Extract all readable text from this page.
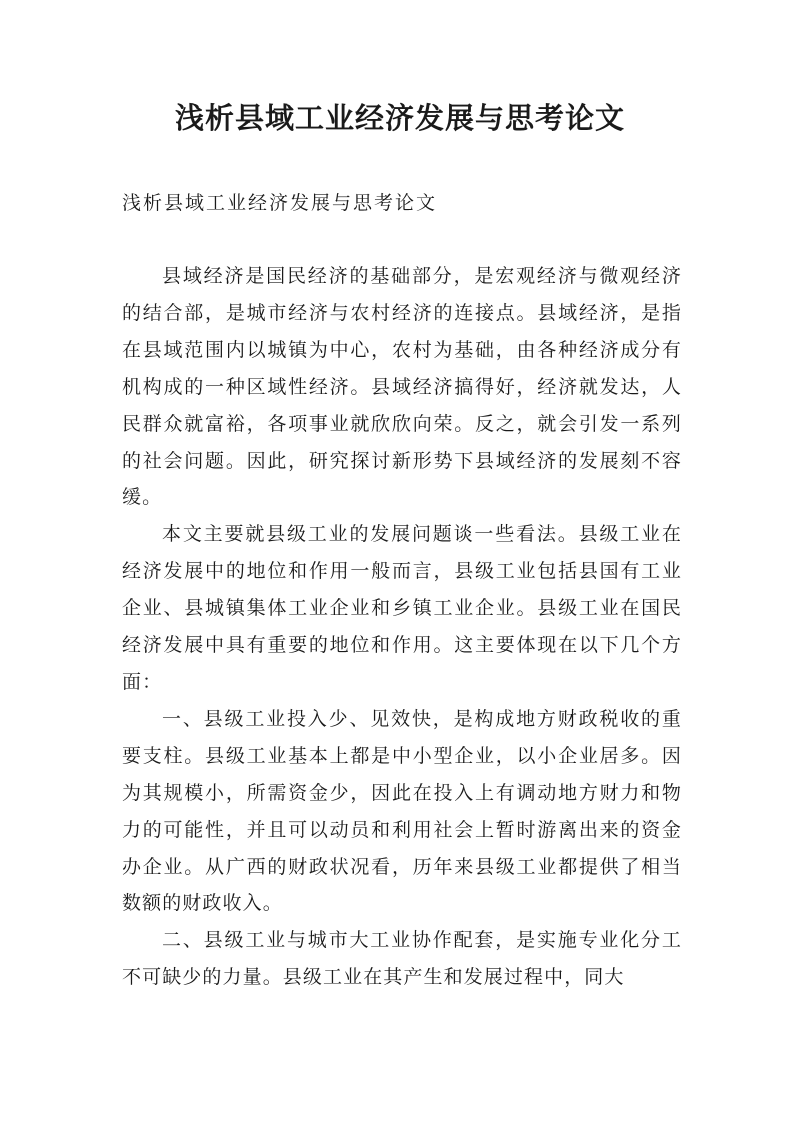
浅析县域工业经济发展与思考论文

浅析县域工业经济发展与思考论文

县域经济是国民经济的基础部分，是宏观经济与微观经济的结合部，是城市经济与农村经济的连接点。县域经济，是指在县域范围内以城镇为中心，农村为基础，由各种经济成分有机构成的一种区域性经济。县域经济搞得好，经济就发达，人民群众就富裕，各项事业就欣欣向荣。反之，就会引发一系列的社会问题。因此，研究探讨新形势下县域经济的发展刻不容缓。

本文主要就县级工业的发展问题谈一些看法。县级工业在经济发展中的地位和作用一般而言，县级工业包括县国有工业企业、县城镇集体工业企业和乡镇工业企业。县级工业在国民经济发展中具有重要的地位和作用。这主要体现在以下几个方面：

一、县级工业投入少、见效快，是构成地方财政税收的重要支柱。县级工业基本上都是中小型企业，以小企业居多。因为其规模小，所需资金少，因此在投入上有调动地方财力和物力的可能性，并且可以动员和利用社会上暂时游离出来的资金办企业。从广西的财政状况看，历年来县级工业都提供了相当数额的财政收入。

二、县级工业与城市大工业协作配套，是实施专业化分工不可缺少的力量。县级工业在其产生和发展过程中，同大
